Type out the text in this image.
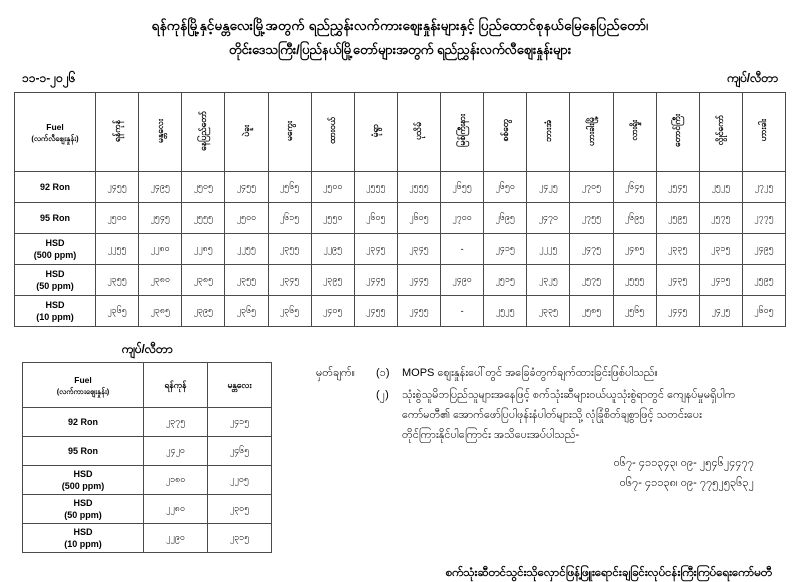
ရန်ကုန်မြို့နှင့်မန္တလေးမြို့အတွက် ရည်ညွှန်းလက်ကားဈေးနှုန်းများနှင့် ပြည်ထောင်စုနယ်မြေနေပြည်တော်၊
တိုင်းဒေသကြီး/ပြည်နယ်မြို့တော်များအတွက် ရည်ညွှန်းလက်လီဈေးနှုန်းများ
၁၁-၁-၂၀၂၆	ကျပ်/လီတာ
Fuel
(လက်လီဈေးနှုန်း)	ရန်ကုန်	မန္တလေး	နေပြည်တော်	ပဲခူး	မကွေး	ထားဝယ်	မုံရွာ	ပုသိမ်	မြစ်ကြီးနား	စစ်တွေ	ဘားအံ	ဟားခါးမြို့	လားရှိုး	တောင်ကြီး	လွိုင်ကော်	ဟားခါး
92 Ron	၂၄၅၅	၂၄၉၅	၂၅၀၅	၂၄၅၅	၂၅၆၅	၂၅၀၀	၂၅၅၅	၂၅၅၅	၂၆၅၅	၂၆၅၀	၂၄၂၅	၂၇၀၅	၂၆၄၅	၂၅၄၅	၂၅၂၅	၂၇၂၅
95 Ron	၂၅၀၀	၂၅၄၅	၂၅၅၅	၂၅၀၀	၂၆၁၅	၂၅၅၀	၂၆၀၅	၂၆၀၅	၂၇၀၀	၂၆၉၅	၂၄၇၀	၂၇၅၅	၂၆၉၅	၂၅၉၅	၂၅၇၅	၂၇၇၅
HSD
(500 ppm)	၂၂၅၅	၂၂၈၀	၂၂၈၅	၂၂၅၅	၂၃၅၅	၂၂၉၅	၂၃၄၅	၂၃၄၅	-	၂၄၁၅	၂၂၂၅	၂၄၇၅	၂၄၈၅	၂၃၃၅	၂၃၁၅	၂၄၉၅
HSD
(50 ppm)	၂၃၅၅	၂၃၈၀	၂၃၈၅	၂၃၅၅	၂၃၄၅	၂၃၉၅	၂၄၄၅	၂၄၄၅	၂၄၉၀	၂၅၁၅	၂၃၂၅	၂၅၇၅	၂၅၅၅	၂၄၃၅	၂၄၁၅	၂၅၉၅
HSD
(10 ppm)	၂၃၆၅	၂၃၈၅	၂၃၉၅	၂၃၆၅	၂၃၆၅	၂၄၀၅	၂၄၅၅	၂၄၅၅	-	၂၅၂၅	၂၃၃၅	၂၅၈၅	၂၅၆၅	၂၄၄၅	၂၄၂၅	၂၆၀၅
ကျပ်/လီတာ
Fuel
(လက်ကားဈေးနှုန်း)	ရန်ကုန်	မန္တလေး
92 Ron	၂၃၇၅	၂၄၁၅
95 Ron	၂၄၂၀	၂၄၆၅
HSD
(500 ppm)	၂၁၈၀	၂၂၀၅
HSD
(50 ppm)	၂၂၈၀	၂၃၀၅
HSD
(10 ppm)	၂၂၉၀	၂၃၁၅
မှတ်ချက်။	(၁)	MOPS ဈေးနှုန်းပေါ်တွင် အခြေခံတွက်ချက်ထားခြင်းဖြစ်ပါသည်။
(၂)	သုံးစွဲသူမိဘပြည်သူများအနေဖြင့် စက်သုံးဆီများဝယ်ယူသုံးစွဲရာတွင် ကျေနပ်မှုမရှိပါက
ကော်မတီ၏ အောက်ဖော်ပြပါဖုန်းနံပါတ်များသို့ လုံခြုံစိတ်ချစွာဖြင့် သတင်းပေး
တိုင်ကြားနိုင်ပါကြောင်း အသိပေးအပ်ပါသည်-
၀၆၇- ၄၁၁၃၄၃၊ ၀၉- ၂၅၄၆၂၄၄၇၇
၀၆၇- ၄၁၁၃၈၊ ၀၉- ၇၇၅၂၅၃၆၃၂
စက်သုံးဆီတင်သွင်းသိုလှောင်ဖြန့်ဖြူးရောင်းချခြင်းလုပ်ငန်းကြီးကြပ်ရေးကော်မတီ
